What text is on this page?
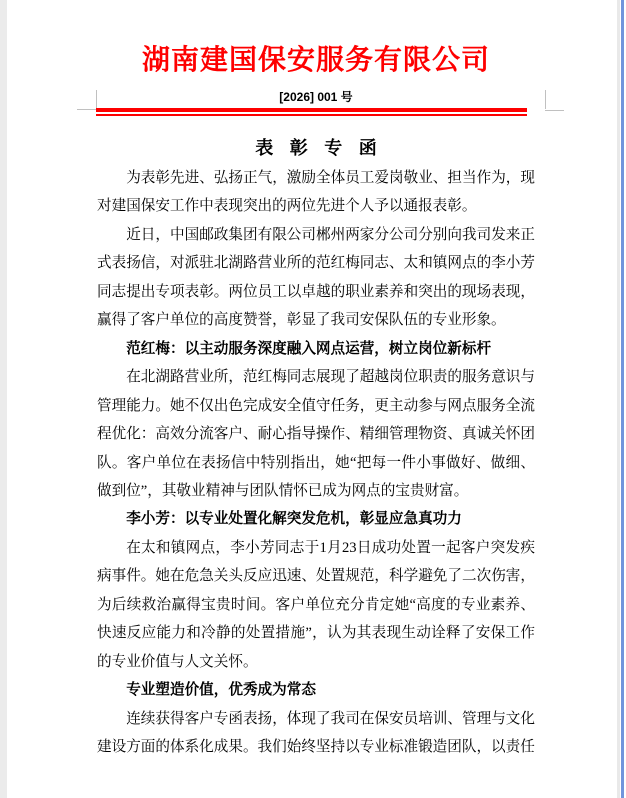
湖南建国保安服务有限公司
[2026] 001 号
表 彰 专 函

为表彰先进、弘扬正气，激励全体员工爱岗敬业、担当作为，现对建国保安工作中表现突出的两位先进个人予以通报表彰。

近日，中国邮政集团有限公司郴州两家分公司分别向我司发来正式表扬信，对派驻北湖路营业所的范红梅同志、太和镇网点的李小芳同志提出专项表彰。两位员工以卓越的职业素养和突出的现场表现，赢得了客户单位的高度赞誉，彰显了我司安保队伍的专业形象。

范红梅：以主动服务深度融入网点运营，树立岗位新标杆

在北湖路营业所，范红梅同志展现了超越岗位职责的服务意识与管理能力。她不仅出色完成安全值守任务，更主动参与网点服务全流程优化：高效分流客户、耐心指导操作、精细管理物资、真诚关怀团队。客户单位在表扬信中特别指出，她“把每一件小事做好、做细、做到位”，其敬业精神与团队情怀已成为网点的宝贵财富。

李小芳：以专业处置化解突发危机，彰显应急真功力

在太和镇网点，李小芳同志于1月23日成功处置一起客户突发疾病事件。她在危急关头反应迅速、处置规范，科学避免了二次伤害，为后续救治赢得宝贵时间。客户单位充分肯定她“高度的专业素养、快速反应能力和冷静的处置措施”，认为其表现生动诠释了安保工作的专业价值与人文关怀。

专业塑造价值，优秀成为常态

连续获得客户专函表扬，体现了我司在保安员培训、管理与文化建设方面的体系化成果。我们始终坚持以专业标准锻造团队，以责任
